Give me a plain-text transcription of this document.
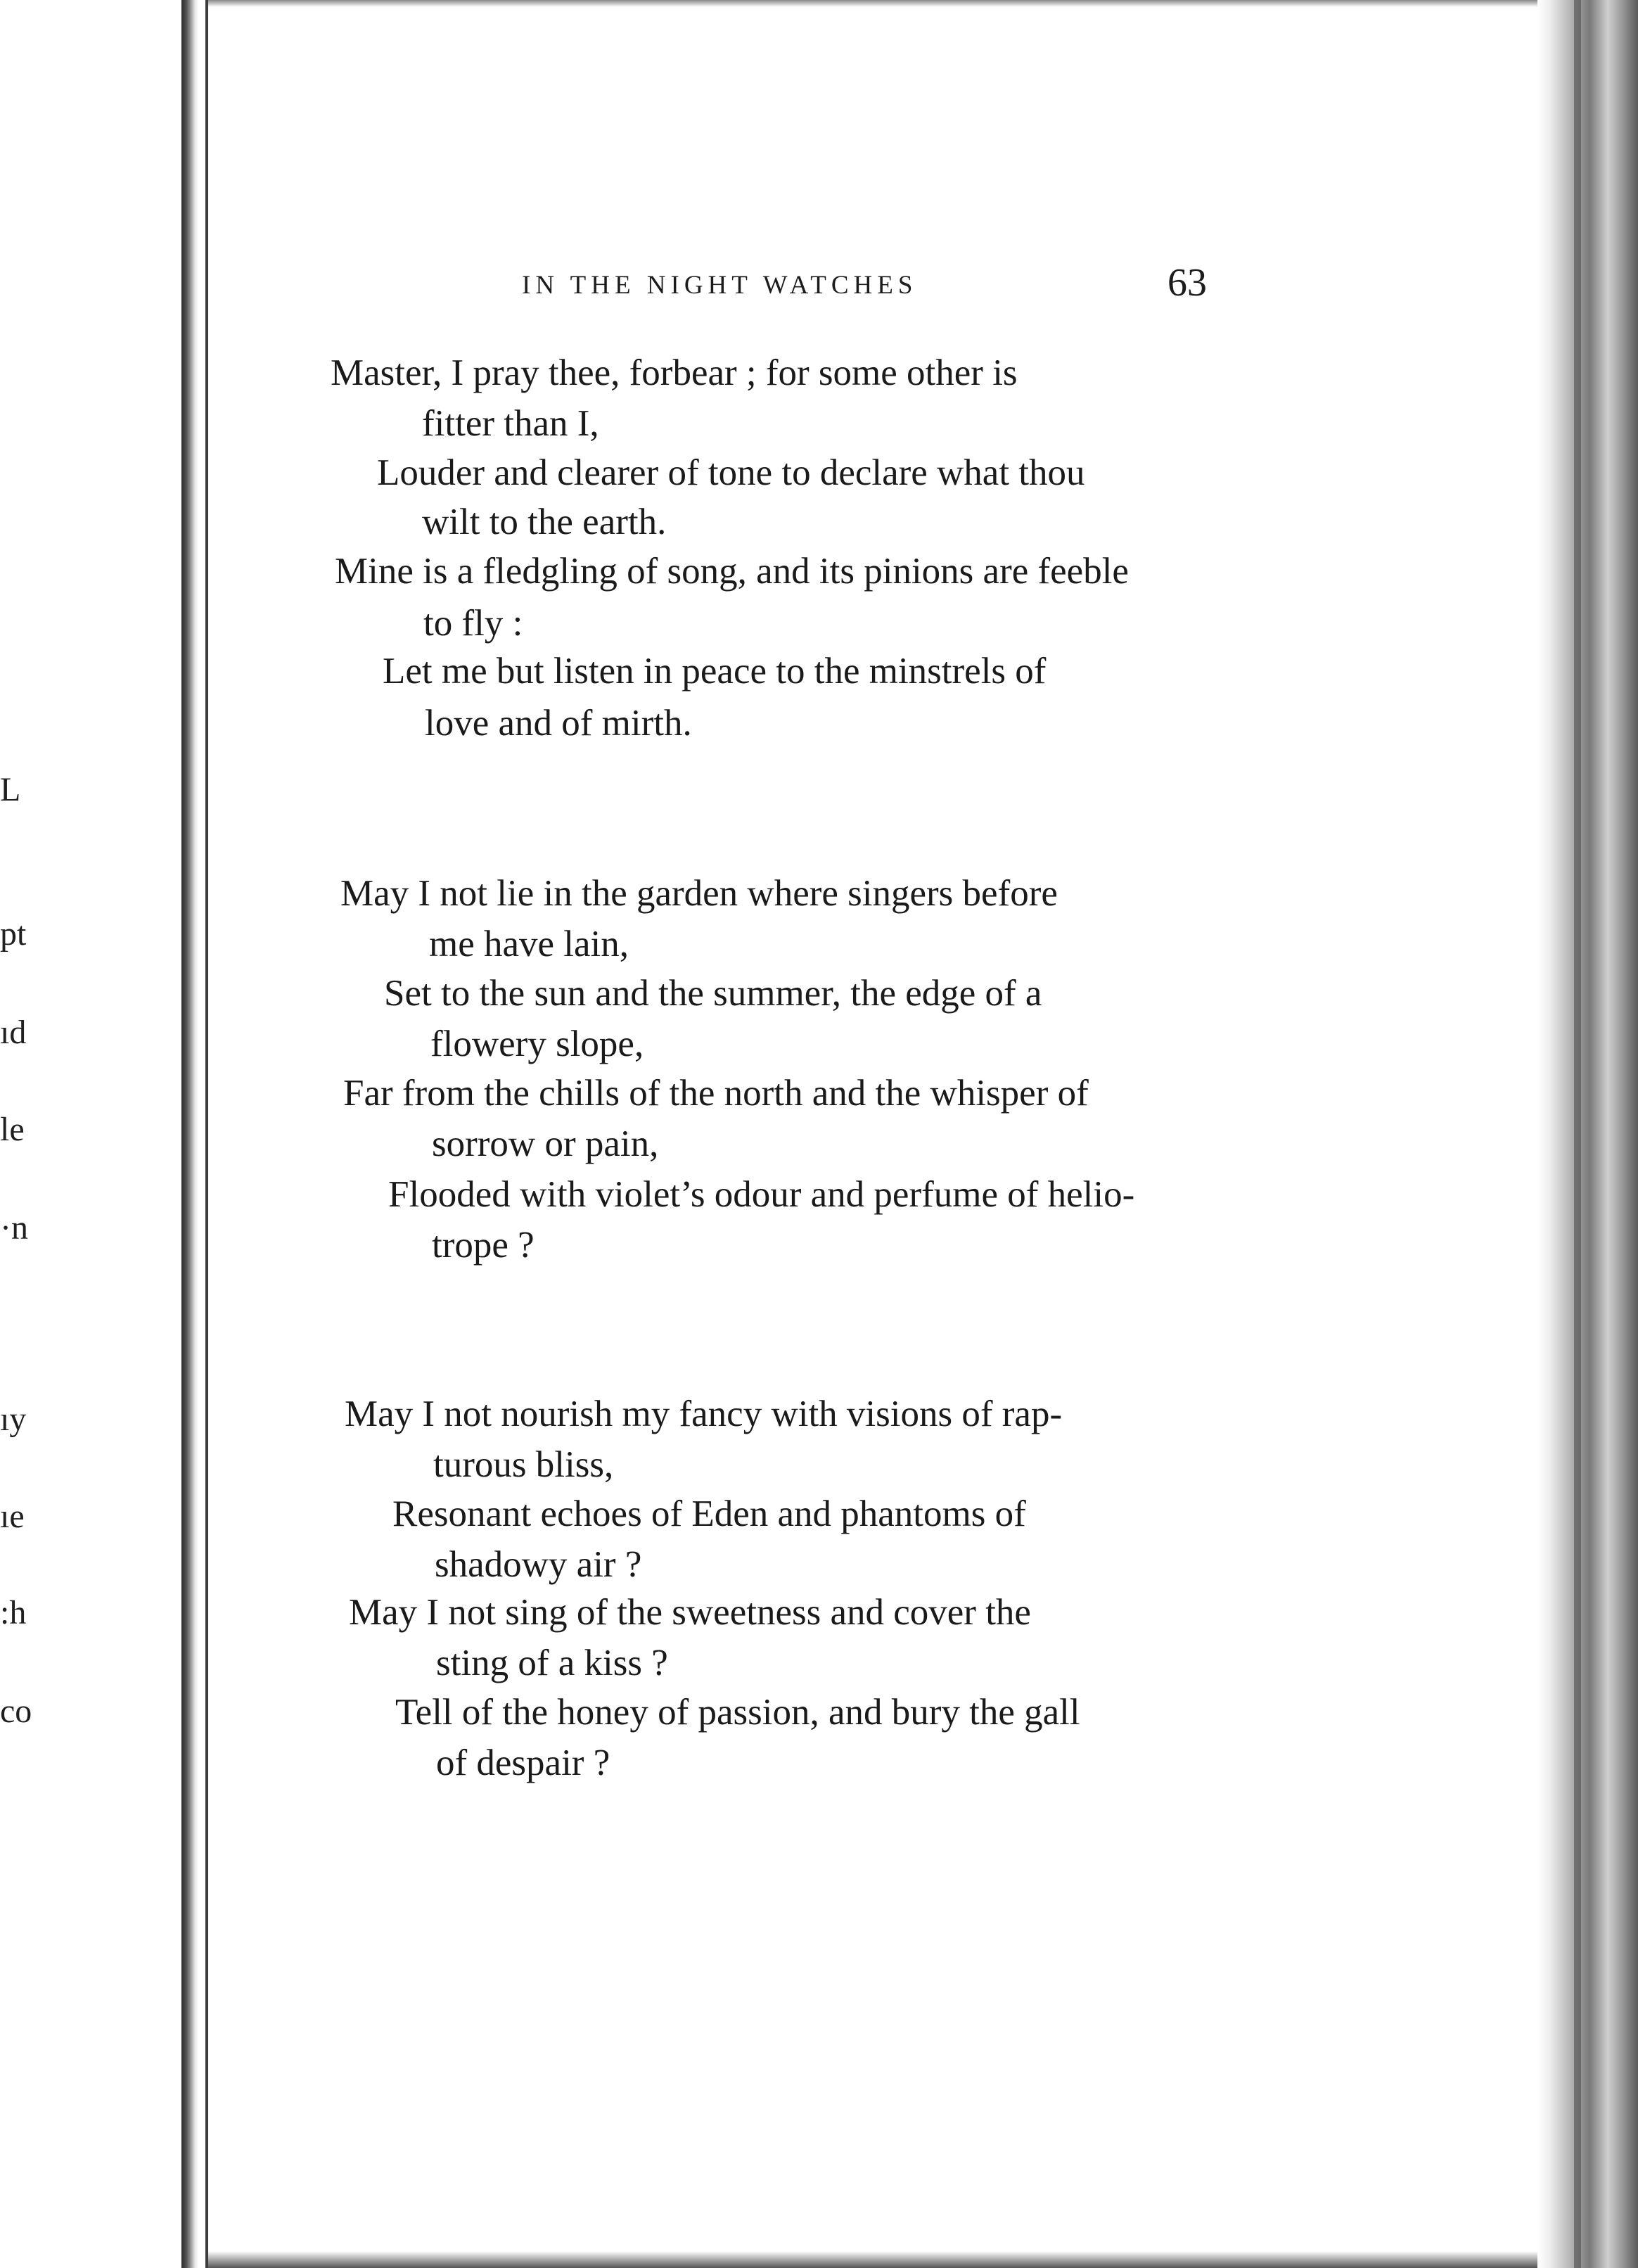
L
pt
ıd
le
·n
ıy
ıe
:h
co
IN THE NIGHT WATCHES	63
Master, I pray thee, forbear ; for some other is
fitter than I,
Louder and clearer of tone to declare what thou
wilt to the earth.
Mine is a fledgling of song, and its pinions are feeble
to fly :
Let me but listen in peace to the minstrels of
love and of mirth.
May I not lie in the garden where singers before
me have lain,
Set to the sun and the summer, the edge of a
flowery slope,
Far from the chills of the north and the whisper of
sorrow or pain,
Flooded with violet’s odour and perfume of helio-
trope ?
May I not nourish my fancy with visions of rap-
turous bliss,
Resonant echoes of Eden and phantoms of
shadowy air ?
May I not sing of the sweetness and cover the
sting of a kiss ?
Tell of the honey of passion, and bury the gall
of despair ?
